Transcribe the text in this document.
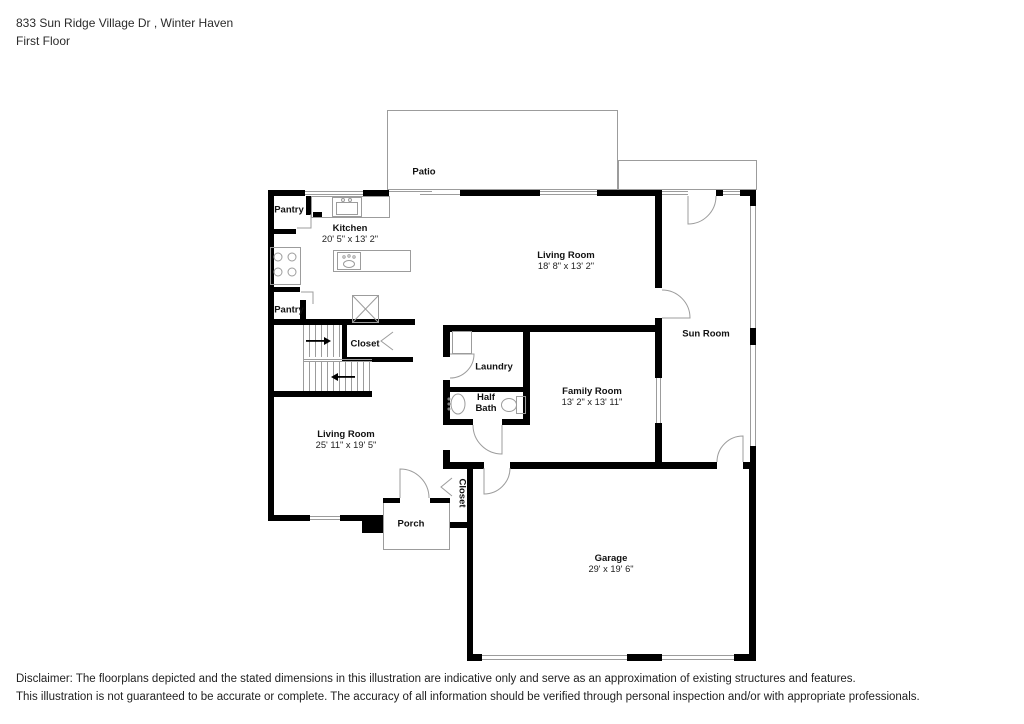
833 Sun Ridge Village Dr , Winter Haven
First Floor
Patio
Pantry
Kitchen
20' 5" x 13' 2"
Living Room
18' 8" x 13' 2"
Pantry
Sun Room
Closet
Laundry
Half Bath
Family Room
13' 2" x 13' 11"
Living Room
25' 11" x 19' 5"
Closet
Porch
Garage
29' x 19' 6"
Disclaimer: The floorplans depicted and the stated dimensions in this illustration are indicative only and serve as an approximation of existing structures and features.
This illustration is not guaranteed to be accurate or complete. The accuracy of all information should be verified through personal inspection and/or with appropriate professionals.
